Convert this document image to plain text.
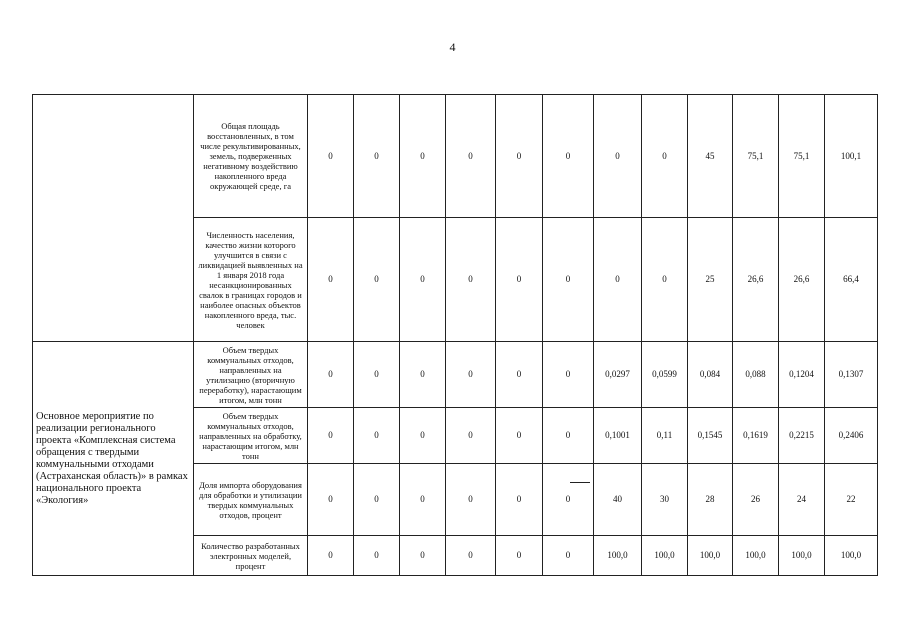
4
	Общая площадь восстановленных, в том числе рекультивированных, земель, подверженных негативному воздействию накопленного вреда окружающей среде, га	0	0	0	0	0	0	0	0	45	75,1	75,1	100,1
	Численность населения, качество жизни которого улучшится в связи с ликвидацией выявленных на 1 января 2018 года несанкционированных свалок в границах городов и наиболее опасных объектов накопленного вреда, тыс. человек	0	0	0	0	0	0	0	0	25	26,6	26,6	66,4
Основное мероприятие по реализации регионального проекта «Комплексная система обращения с твердыми коммунальными отходами (Астраханская область)» в рамках национального проекта «Экология»	Объем твердых коммунальных отходов, направленных на утилизацию (вторичную переработку), нарастающим итогом, млн тонн	0	0	0	0	0	0	0,0297	0,0599	0,084	0,088	0,1204	0,1307
	Объем твердых коммунальных отходов, направленных на обработку, нарастающим итогом, млн тонн	0	0	0	0	0	0	0,1001	0,11	0,1545	0,1619	0,2215	0,2406
	Доля импорта оборудования для обработки и утилизации твердых коммунальных отходов, процент	0	0	0	0	0	0	40	30	28	26	24	22
	Количество разработанных электронных моделей, процент	0	0	0	0	0	0	100,0	100,0	100,0	100,0	100,0	100,0
